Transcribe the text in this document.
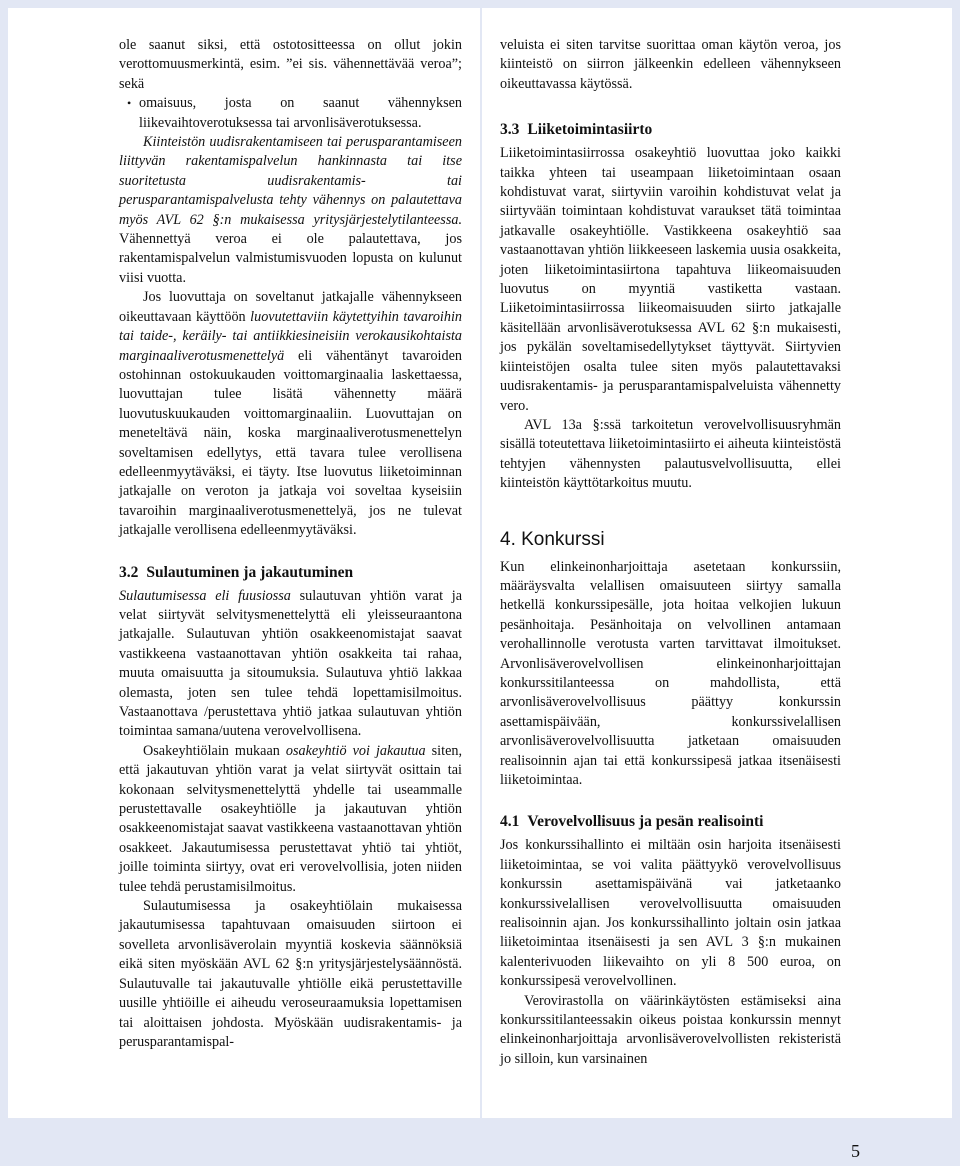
ole saanut siksi, että ostotositteessa on ollut jokin verottomuusmerkintä, esim. ”ei sis. vähennettävää veroa”; sekä

• omaisuus, josta on saanut vähennyksen liikevaihtoverotuksessa tai arvonlisäverotuksessa.

Kiinteistön uudisrakentamiseen tai perusparantamiseen liittyvän rakentamispalvelun hankinnasta tai itse suoritetusta uudisrakentamis- tai perusparantamispalvelusta tehty vähennys on palautettava myös AVL 62 §:n mukaisessa yritysjärjestelytilanteessa. Vähennettyä veroa ei ole palautettava, jos rakentamispalvelun valmistumisvuoden lopusta on kulunut viisi vuotta.

Jos luovuttaja on soveltanut jatkajalle vähennykseen oikeuttavaan käyttöön luovutettaviin käytettyihin tavaroihin tai taide-, keräily- tai antiikkiesineisiin verokausikohtaista marginaaliverotusmenettelyä eli vähentänyt tavaroiden ostohinnan ostokuukauden voittomarginaalia laskettaessa, luovuttajan tulee lisätä vähennetty määrä luovutuskuukauden voittomarginaaliin. Luovuttajan on meneteltävä näin, koska marginaaliverotusmenettelyn soveltamisen edellytys, että tavara tulee verollisena edelleenmyytäväksi, ei täyty. Itse luovutus liiketoiminnan jatkajalle on veroton ja jatkaja voi soveltaa kyseisiin tavaroihin marginaaliverotusmenettelyä, jos ne tulevat jatkajalle verollisena edelleenmyytäväksi.

3.2 Sulautuminen ja jakautuminen

Sulautumisessa eli fuusiossa sulautuvan yhtiön varat ja velat siirtyvät selvitysmenettelyttä eli yleisseuraantona jatkajalle. Sulautuvan yhtiön osakkeenomistajat saavat vastikkeena vastaanottavan yhtiön osakkeita tai rahaa, muuta omaisuutta ja sitoumuksia. Sulautuva yhtiö lakkaa olemasta, joten sen tulee tehdä lopettamisilmoitus. Vastaanottava /perustettava yhtiö jatkaa sulautuvan yhtiön toimintaa samana/uutena verovelvollisena.

Osakeyhtiölain mukaan osakeyhtiö voi jakautua siten, että jakautuvan yhtiön varat ja velat siirtyvät osittain tai kokonaan selvitysmenettelyttä yhdelle tai useammalle perustettavalle osakeyhtiölle ja jakautuvan yhtiön osakkeenomistajat saavat vastikkeena vastaanottavan yhtiön osakkeet. Jakautumisessa perustettavat yhtiö tai yhtiöt, joille toiminta siirtyy, ovat eri verovelvollisia, joten niiden tulee tehdä perustamisilmoitus.

Sulautumisessa ja osakeyhtiölain mukaisessa jakautumisessa tapahtuvaan omaisuuden siirtoon ei sovelleta arvonlisäverolain myyntiä koskevia säännöksiä eikä siten myöskään AVL 62 §:n yritysjärjestelysäännöstä. Sulautuvalle tai jakautuvalle yhtiölle eikä perustettaville uusille yhtiöille ei aiheudu veroseuraamuksia lopettamisen tai aloittaisen johdosta. Myöskään uudisrakentamis- ja perusparantamispal-

veluista ei siten tarvitse suorittaa oman käytön veroa, jos kiinteistö on siirron jälkeenkin edelleen vähennykseen oikeuttavassa käytössä.

3.3 Liiketoimintasiirto

Liiketoimintasiirrossa osakeyhtiö luovuttaa joko kaikki taikka yhteen tai useampaan liiketoimintaan osaan kohdistuvat varat, siirtyviin varoihin kohdistuvat velat ja siirtyvään toimintaan kohdistuvat varaukset tätä toimintaa jatkavalle osakeyhtiölle. Vastikkeena osakeyhtiö saa vastaanottavan yhtiön liikkeeseen laskemia uusia osakkeita, joten liiketoimintasiirtona tapahtuva liikeomaisuuden luovutus on myyntiä vastiketta vastaan. Liiketoimintasiirrossa liikeomaisuuden siirto jatkajalle käsitellään arvonlisäverotuksessa AVL 62 §:n mukaisesti, jos pykälän soveltamisedellytykset täyttyvät. Siirtyvien kiinteistöjen osalta tulee siten myös palautettavaksi uudisrakentamis- ja perusparantamispalveluista vähennetty vero.

AVL 13a §:ssä tarkoitetun verovelvollisuusryhmän sisällä toteutettava liiketoimintasiirto ei aiheuta kiinteistöstä tehtyjen vähennysten palautusvelvollisuutta, ellei kiinteistön käyttötarkoitus muutu.

4. Konkurssi

Kun elinkeinonharjoittaja asetetaan konkurssiin, määräysvalta velallisen omaisuuteen siirtyy samalla hetkellä konkurssipesälle, jota hoitaa velkojien lukuun pesänhoitaja. Pesänhoitaja on velvollinen antamaan verohallinnolle verotusta varten tarvittavat ilmoitukset. Arvonlisäverovelvollisen elinkeinonharjoittajan konkurssitilanteessa on mahdollista, että arvonlisäverovelvollisuus päättyy konkurssin asettamispäivään, konkurssivelallisen arvonlisäverovelvollisuutta jatketaan omaisuuden realisoinnin ajan tai että konkurssipesä jatkaa itsenäisesti liiketoimintaa.

4.1 Verovelvollisuus ja pesän realisointi

Jos konkurssihallinto ei miltään osin harjoita itsenäisesti liiketoimintaa, se voi valita päättyykö verovelvollisuus konkurssin asettamispäivänä vai jatketaanko konkurssivelallisen verovelvollisuutta omaisuuden realisoinnin ajan. Jos konkurssihallinto joltain osin jatkaa liiketoimintaa itsenäisesti ja sen AVL 3 §:n mukainen kalenterivuoden liikevaihto on yli 8 500 euroa, on konkurssipesä verovelvollinen.

Verovirastolla on väärinkäytösten estämiseksi aina konkurssitilanteessakin oikeus poistaa konkurssin mennyt elinkeinonharjoittaja arvonlisäverovelvollisten rekisteristä jo silloin, kun varsinainen

5
